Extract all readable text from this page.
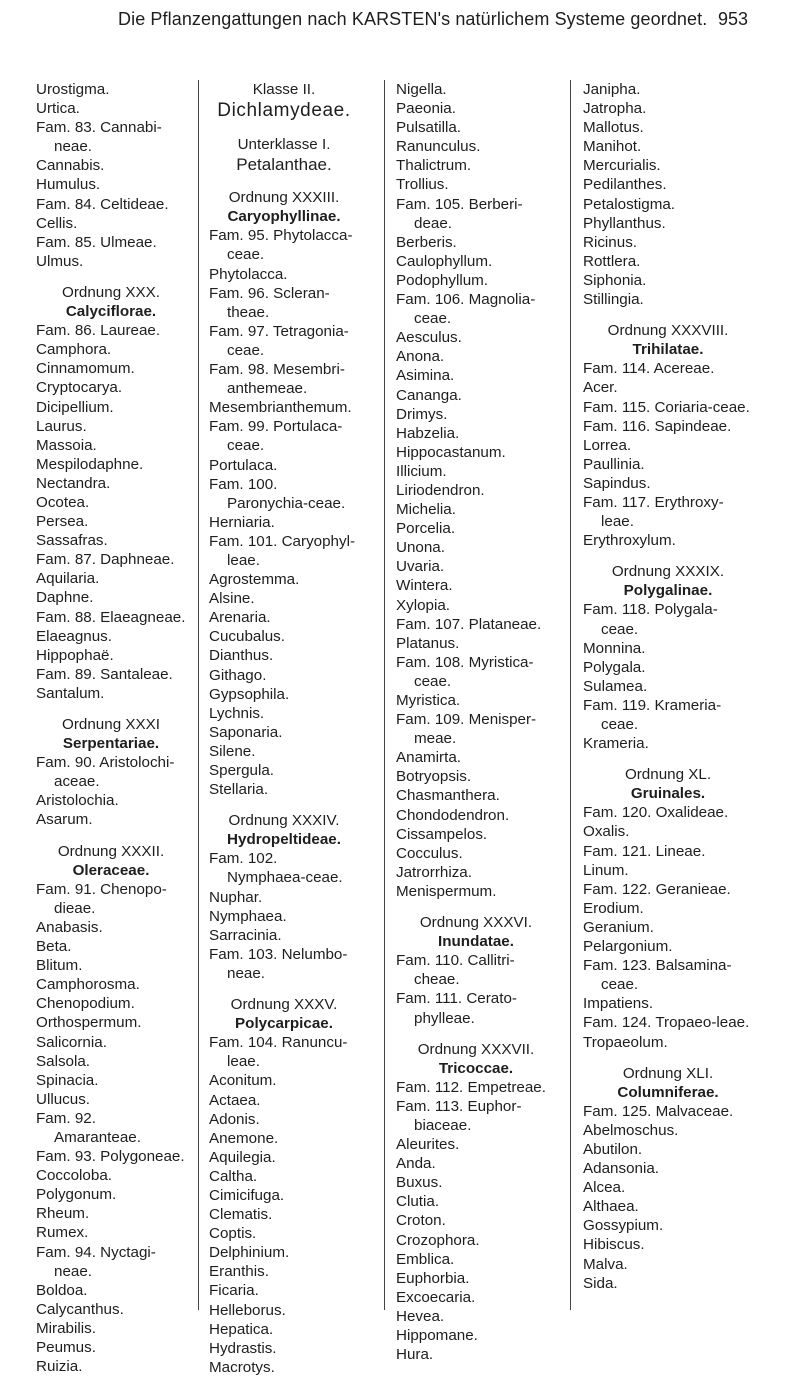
Die Pflanzengattungen nach KARSTEN's natürlichem Systeme geordnet. 953
Urostigma.
Urtica.
Fam. 83. Cannabi-neae.
Cannabis.
Humulus.
Fam. 84. Celtideae.
Cellis.
Fam. 85. Ulmeae.
Ulmus.
Ordnung XXX.
Calyciflorae.
Fam. 86. Laureae.
Camphora.
Cinnamomum.
Cryptocarya.
Dicipellium.
Laurus.
Massoia.
Mespilodaphne.
Nectandra.
Ocotea.
Persea.
Sassafras.
Fam. 87. Daphneae.
Aquilaria.
Daphne.
Fam. 88. Elaeagneae.
Elaeagnus.
Hippophaë.
Fam. 89. Santaleae.
Santalum.
Ordnung XXXI
Serpentariae.
Fam. 90. Aristolochi-aceae.
Aristolochia.
Asarum.
Ordnung XXXII.
Oleraceae.
Fam. 91. Chenopo-dieae.
Anabasis.
Beta.
Blitum.
Camphorosma.
Chenopodium.
Orthospermum.
Salicornia.
Salsola.
Spinacia.
Ullucus.
Fam. 92. Amaranteae.
Fam. 93. Polygoneae.
Coccoloba.
Polygonum.
Rheum.
Rumex.
Fam. 94. Nyctagi-neae.
Boldoa.
Calycanthus.
Mirabilis.
Peumus.
Ruizia.
Klasse II.
Dichlamydeae.
Unterklasse I.
Petalanthae.
Ordnung XXXIII.
Caryophyllinae.
Fam. 95. Phytolacca-ceae.
Phytolacca.
Fam. 96. Scleran-theae.
Fam. 97. Tetragonia-ceae.
Fam. 98. Mesembri-anthemeae.
Mesembrianthemum.
Fam. 99. Portulaca-ceae.
Portulaca.
Fam. 100. Paronychia-ceae.
Herniaria.
Fam. 101. Caryophyl-leae.
Agrostemma.
Alsine.
Arenaria.
Cucubalus.
Dianthus.
Githago.
Gypsophila.
Lychnis.
Saponaria.
Silene.
Spergula.
Stellaria.
Ordnung XXXIV.
Hydropeltideae.
Fam. 102. Nymphaea-ceae.
Nuphar.
Nymphaea.
Sarracinia.
Fam. 103. Nelumbo-neae.
Ordnung XXXV.
Polycarpicae.
Fam. 104. Ranuncu-leae.
Aconitum.
Actaea.
Adonis.
Anemone.
Aquilegia.
Caltha.
Cimicifuga.
Clematis.
Coptis.
Delphinium.
Eranthis.
Ficaria.
Helleborus.
Hepatica.
Hydrastis.
Macrotys.
Nigella.
Paeonia.
Pulsatilla.
Ranunculus.
Thalictrum.
Trollius.
Fam. 105. Berberi-deae.
Berberis.
Caulophyllum.
Podophyllum.
Fam. 106. Magnolia-ceae.
Aesculus.
Anona.
Asimina.
Cananga.
Drimys.
Habzelia.
Hippocastanum.
Illicium.
Liriodendron.
Michelia.
Porcelia.
Unona.
Uvaria.
Wintera.
Xylopia.
Fam. 107. Plataneae.
Platanus.
Fam. 108. Myristica-ceae.
Myristica.
Fam. 109. Menisper-meae.
Anamirta.
Botryopsis.
Chasmanthera.
Chondodendron.
Cissampelos.
Cocculus.
Jatrorrhiza.
Menispermum.
Ordnung XXXVI.
Inundatae.
Fam. 110. Callitri-cheae.
Fam. 111. Cerato-phylleae.
Ordnung XXXVII.
Tricoccae.
Fam. 112. Empetreae.
Fam. 113. Euphor-biaceae.
Aleurites.
Anda.
Buxus.
Clutia.
Croton.
Crozophora.
Emblica.
Euphorbia.
Excoecaria.
Hevea.
Hippomane.
Hura.
Janipha.
Jatropha.
Mallotus.
Manihot.
Mercurialis.
Pedilanthes.
Petalostigma.
Phyllanthus.
Ricinus.
Rottlera.
Siphonia.
Stillingia.
Ordnung XXXVIII.
Trihilatae.
Fam. 114. Acereae.
Acer.
Fam. 115. Coriaria-ceae.
Fam. 116. Sapindeae.
Lorrea.
Paullinia.
Sapindus.
Fam. 117. Erythroxy-leae.
Erythroxylum.
Ordnung XXXIX.
Polygalinae.
Fam. 118. Polygala-ceae.
Monnina.
Polygala.
Sulamea.
Fam. 119. Krameria-ceae.
Krameria.
Ordnung XL.
Gruinales.
Fam. 120. Oxalideae.
Oxalis.
Fam. 121. Lineae.
Linum.
Fam. 122. Geranieae.
Erodium.
Geranium.
Pelargonium.
Fam. 123. Balsamina-ceae.
Impatiens.
Fam. 124. Tropaeo-leae.
Tropaeolum.
Ordnung XLI.
Columniferae.
Fam. 125. Malvaceae.
Abelmoschus.
Abutilon.
Adansonia.
Alcea.
Althaea.
Gossypium.
Hibiscus.
Malva.
Sida.
